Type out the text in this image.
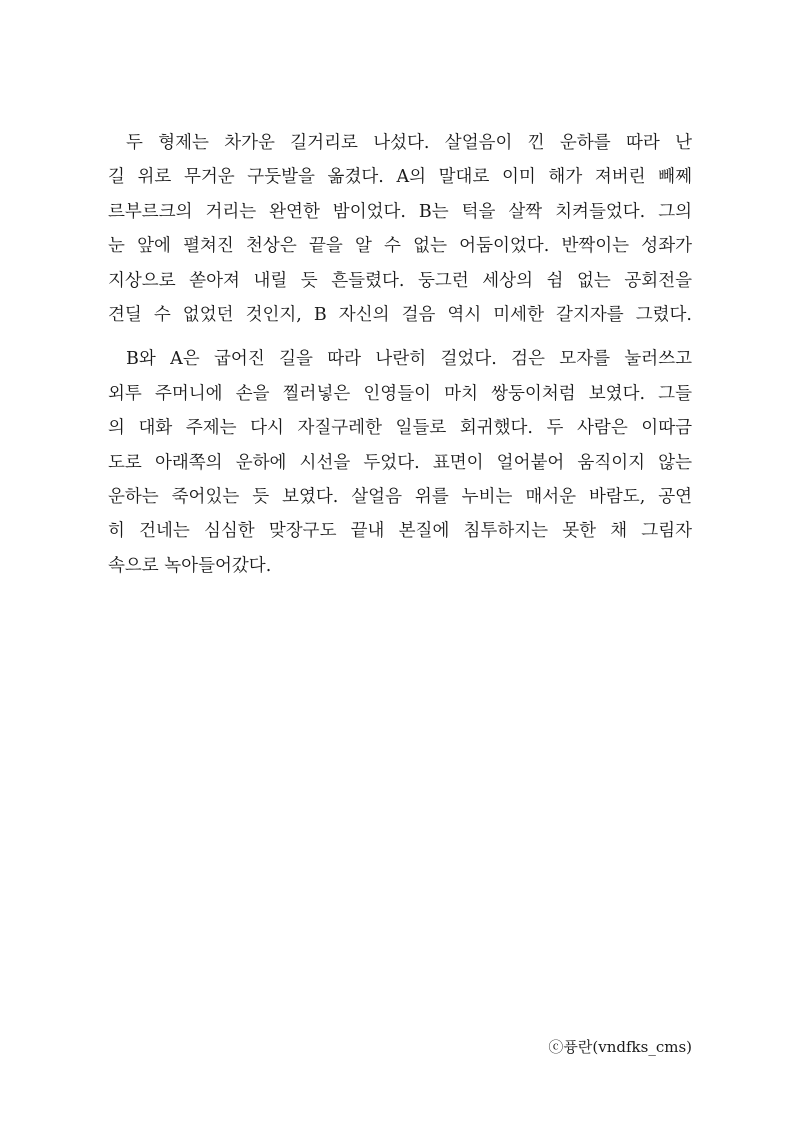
두 형제는 차가운 길거리로 나섰다. 살얼음이 낀 운하를 따라 난
길 위로 무거운 구둣발을 옮겼다. A의 말대로 이미 해가 져버린 빼쩨
르부르크의 거리는 완연한 밤이었다. B는 턱을 살짝 치켜들었다. 그의
눈 앞에 펼쳐진 천상은 끝을 알 수 없는 어둠이었다. 반짝이는 성좌가
지상으로 쏟아져 내릴 듯 흔들렸다. 둥그런 세상의 쉼 없는 공회전을
견딜 수 없었던 것인지, B 자신의 걸음 역시 미세한 갈지자를 그렸다.

B와 A은 굽어진 길을 따라 나란히 걸었다. 검은 모자를 눌러쓰고
외투 주머니에 손을 찔러넣은 인영들이 마치 쌍둥이처럼 보였다. 그들
의 대화 주제는 다시 자질구레한 일들로 회귀했다. 두 사람은 이따금
도로 아래쪽의 운하에 시선을 두었다. 표면이 얼어붙어 움직이지 않는
운하는 죽어있는 듯 보였다. 살얼음 위를 누비는 매서운 바람도, 공연
히 건네는 심심한 맞장구도 끝내 본질에 침투하지는 못한 채 그림자
속으로 녹아들어갔다.

ⓒ퓽란(vndfks_cms)
